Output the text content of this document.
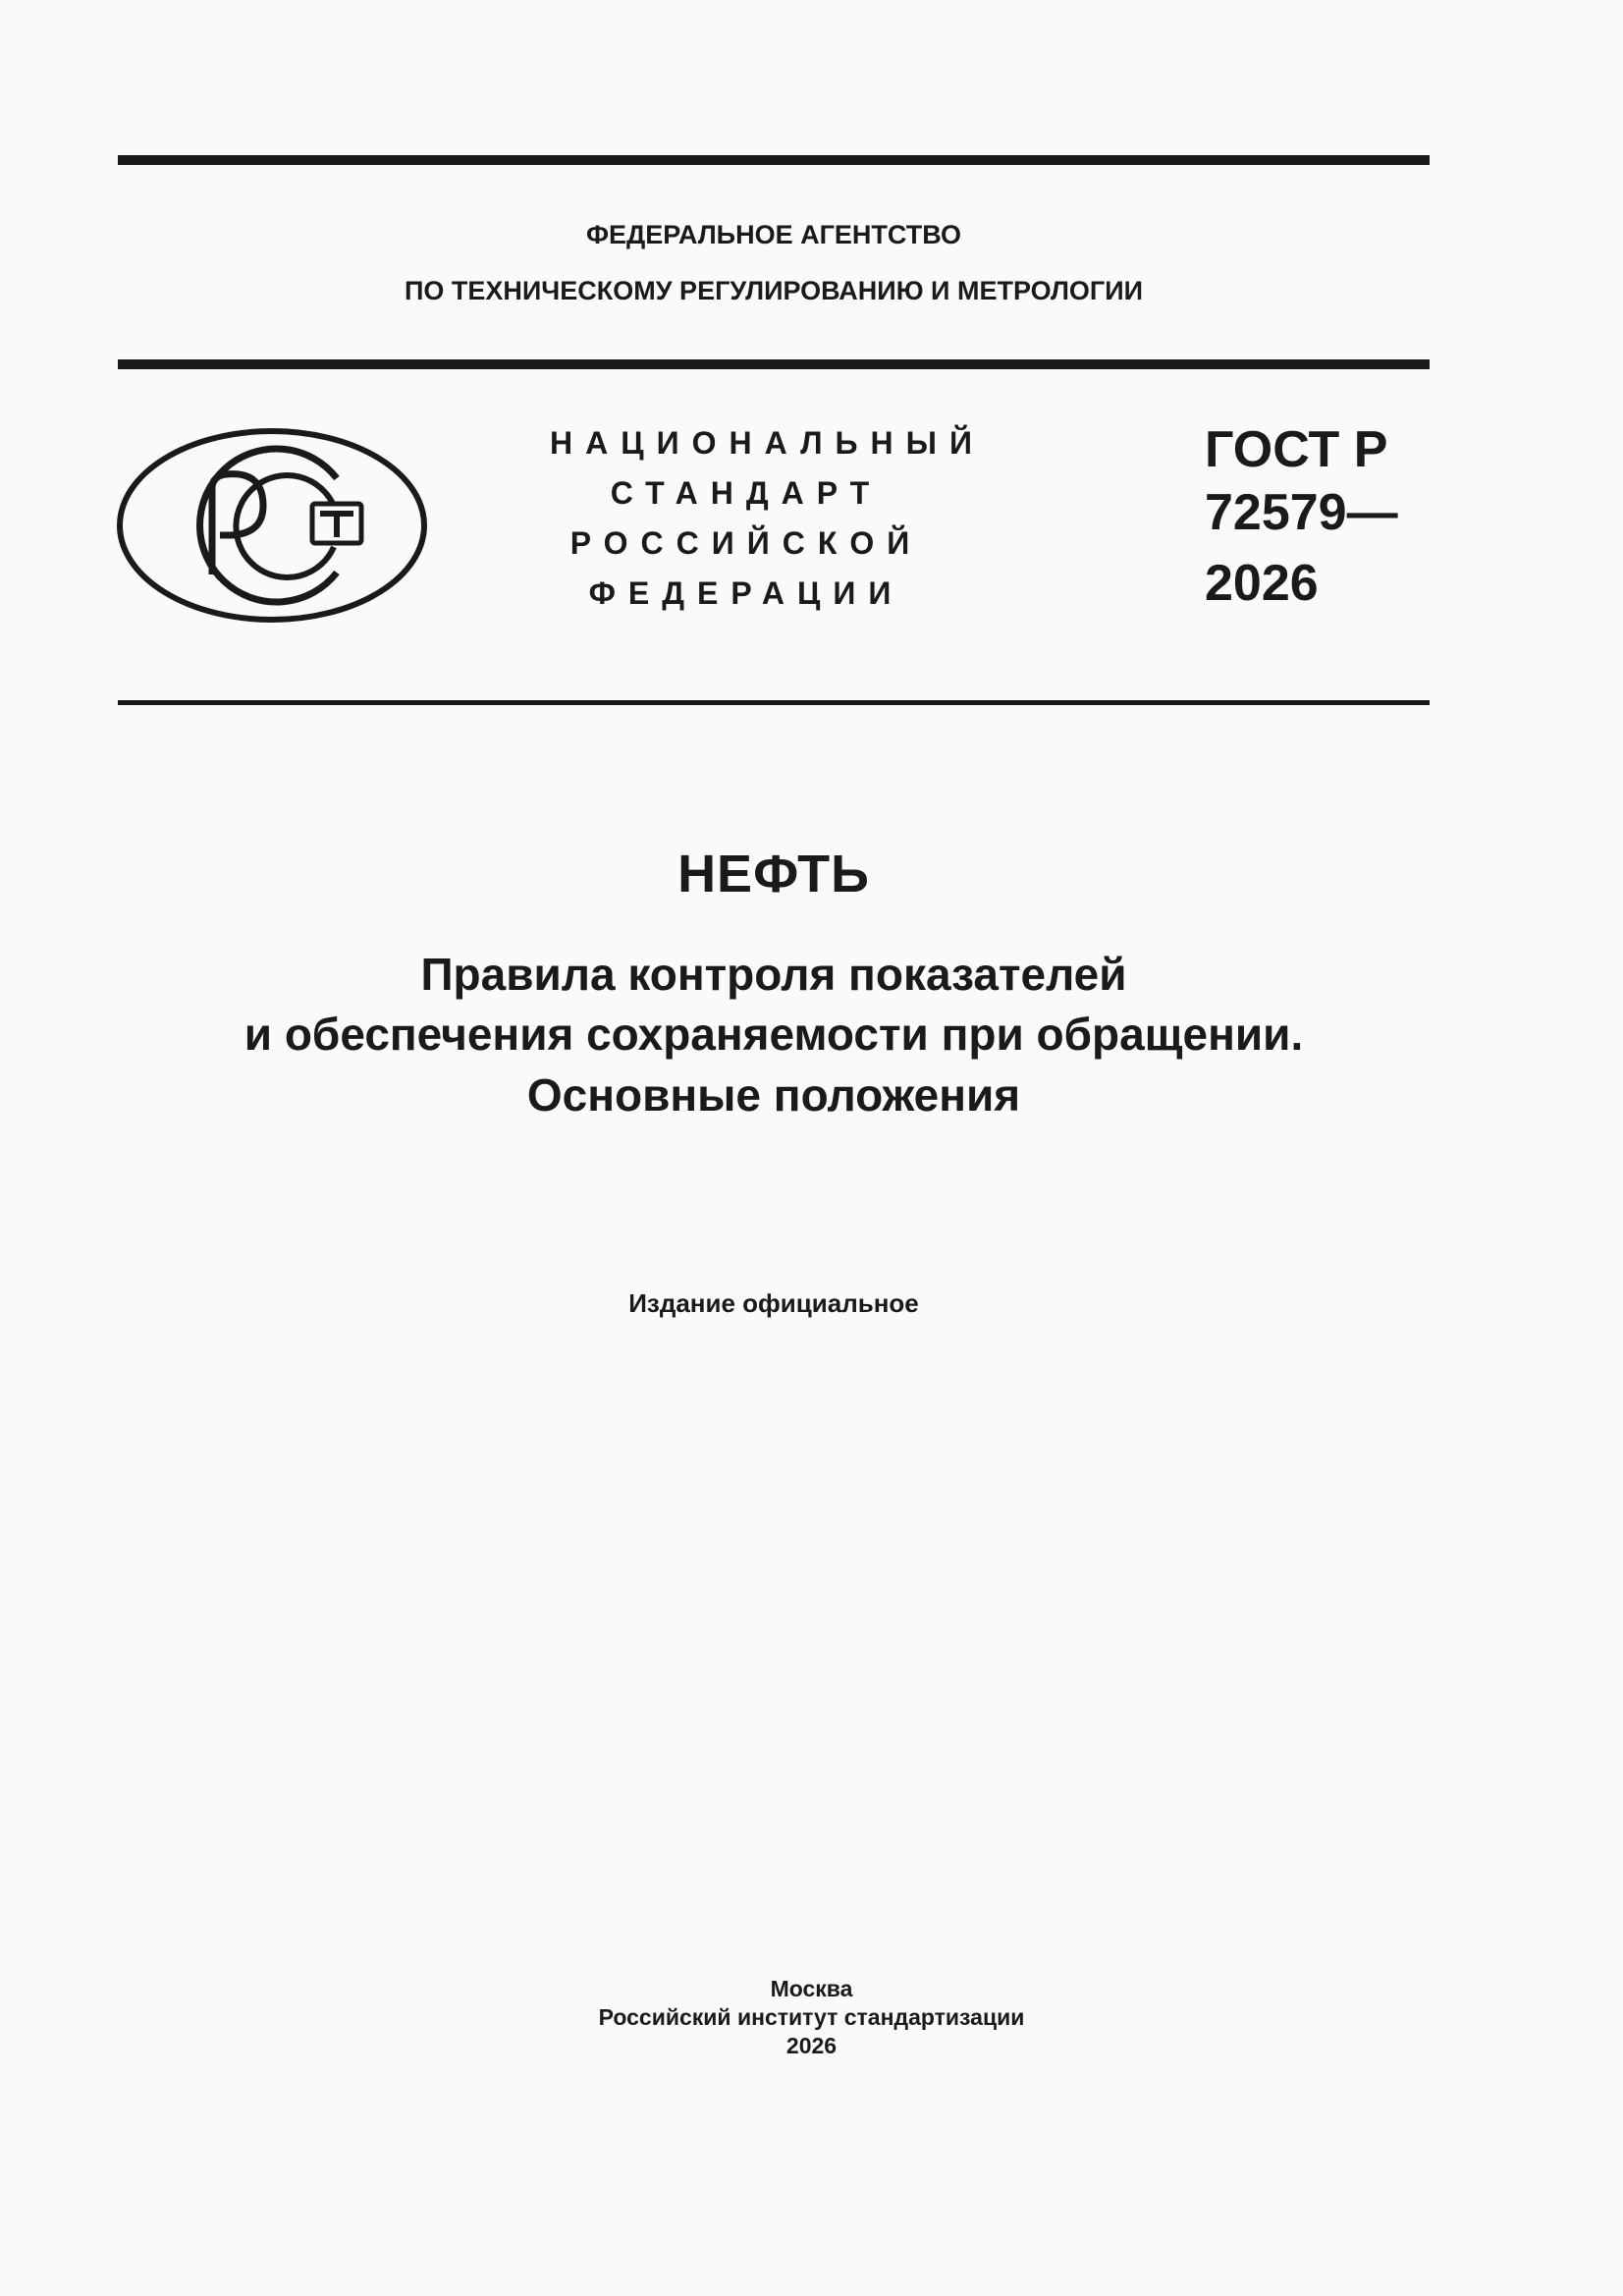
ФЕДЕРАЛЬНОЕ АГЕНТСТВО
ПО ТЕХНИЧЕСКОМУ РЕГУЛИРОВАНИЮ И МЕТРОЛОГИИ
НАЦИОНАЛЬНЫЙ
СТАНДАРТ
РОССИЙСКОЙ
ФЕДЕРАЦИИ
ГОСТ Р
72579—
2026
НЕФТЬ
Правила контроля показателей
и обеспечения сохраняемости при обращении.
Основные положения
Издание официальное
Москва
Российский институт стандартизации
2026
